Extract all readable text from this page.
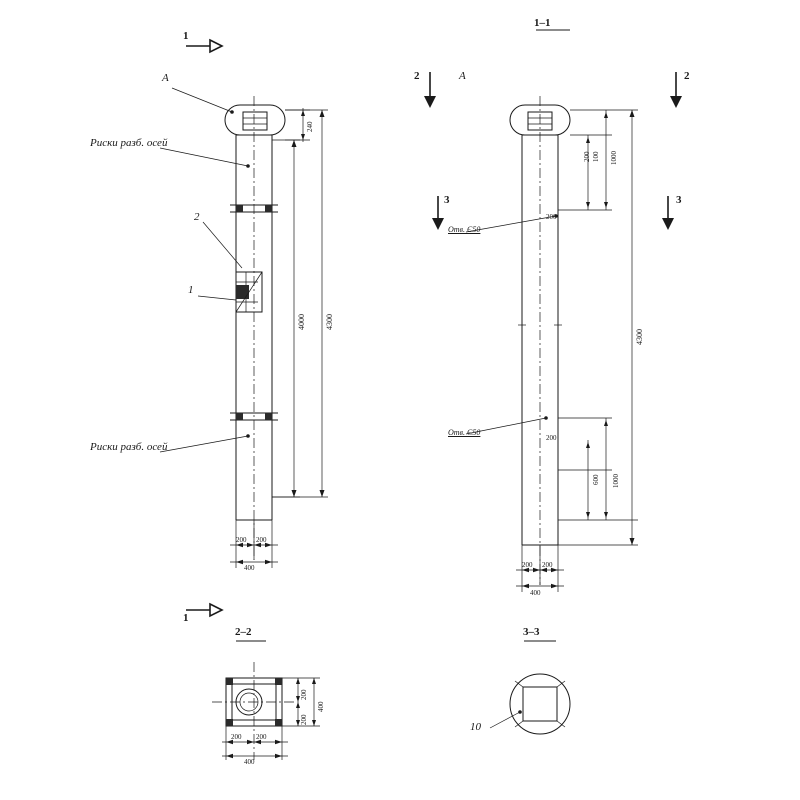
1
1
A
2
1
Риски разб. осей
Риски разб. осей
4000 4300
240
200 200
400
1–1
2	2
3	3
A
Отв. Є50
Отв. Є50
4300
1000
100
200
200
200
600 1000
200 200
400
2–2
200 200
400
200
200
400
3–3
10
